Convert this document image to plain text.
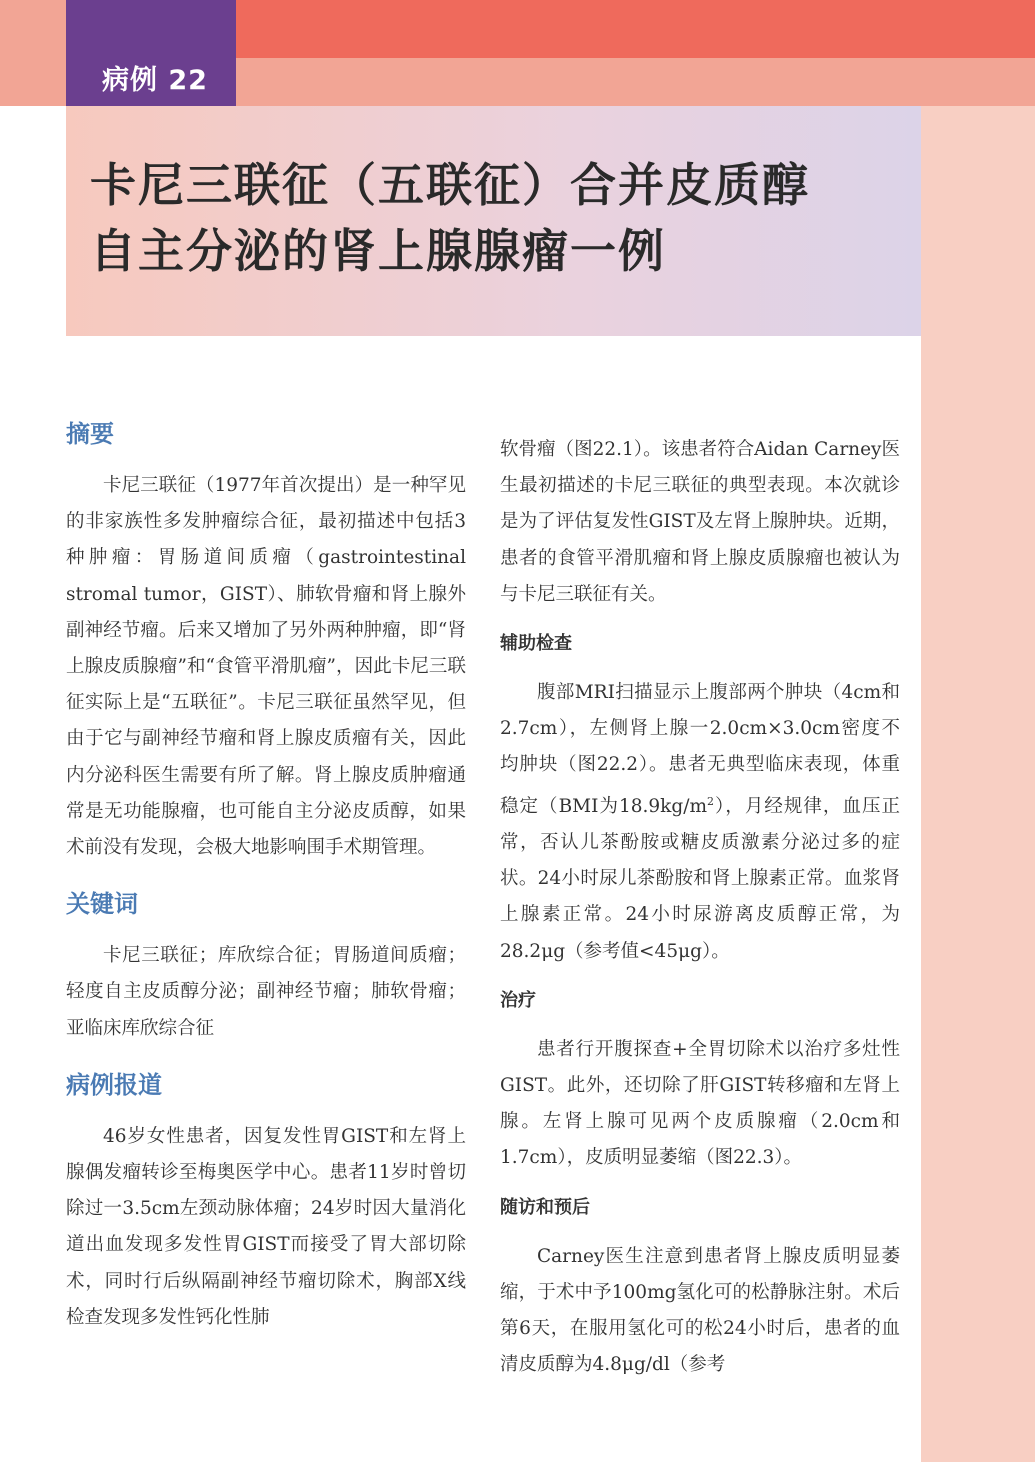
病例 22
卡尼三联征（五联征）合并皮质醇
自主分泌的肾上腺腺瘤一例
摘要

卡尼三联征（1977年首次提出）是一种罕见的非家族性多发肿瘤综合征，最初描述中包括3种肿瘤：胃肠道间质瘤（gastrointestinal stromal tumor，GIST）、肺软骨瘤和肾上腺外副神经节瘤。后来又增加了另外两种肿瘤，即“肾上腺皮质腺瘤”和“食管平滑肌瘤”，因此卡尼三联征实际上是“五联征”。卡尼三联征虽然罕见，但由于它与副神经节瘤和肾上腺皮质瘤有关，因此内分泌科医生需要有所了解。肾上腺皮质肿瘤通常是无功能腺瘤，也可能自主分泌皮质醇，如果术前没有发现，会极大地影响围手术期管理。

关键词

卡尼三联征；库欣综合征；胃肠道间质瘤；轻度自主皮质醇分泌；副神经节瘤；肺软骨瘤；亚临床库欣综合征

病例报道

46岁女性患者，因复发性胃GIST和左肾上腺偶发瘤转诊至梅奥医学中心。患者11岁时曾切除过一3.5cm左颈动脉体瘤；24岁时因大量消化道出血发现多发性胃GIST而接受了胃大部切除术，同时行后纵隔副神经节瘤切除术，胸部X线检查发现多发性钙化性肺

软骨瘤（图22.1）。该患者符合Aidan Carney医生最初描述的卡尼三联征的典型表现。本次就诊是为了评估复发性GIST及左肾上腺肿块。近期，患者的食管平滑肌瘤和肾上腺皮质腺瘤也被认为与卡尼三联征有关。

辅助检查

腹部MRI扫描显示上腹部两个肿块（4cm和2.7cm），左侧肾上腺一2.0cm×3.0cm密度不均肿块（图22.2）。患者无典型临床表现，体重稳定（BMI为$18.9kg/m^2$），月经规律，血压正常，否认儿茶酚胺或糖皮质激素分泌过多的症状。24小时尿儿茶酚胺和肾上腺素正常。血浆肾上腺素正常。24小时尿游离皮质醇正常，为28.2μg（参考值<45μg）。

治疗

患者行开腹探查+全胃切除术以治疗多灶性GIST。此外，还切除了肝GIST转移瘤和左肾上腺。左肾上腺可见两个皮质腺瘤（2.0cm和1.7cm），皮质明显萎缩（图22.3）。

随访和预后

Carney医生注意到患者肾上腺皮质明显萎缩，于术中予100mg氢化可的松静脉注射。术后第6天，在服用氢化可的松24小时后，患者的血清皮质醇为4.8μg/dl（参考
